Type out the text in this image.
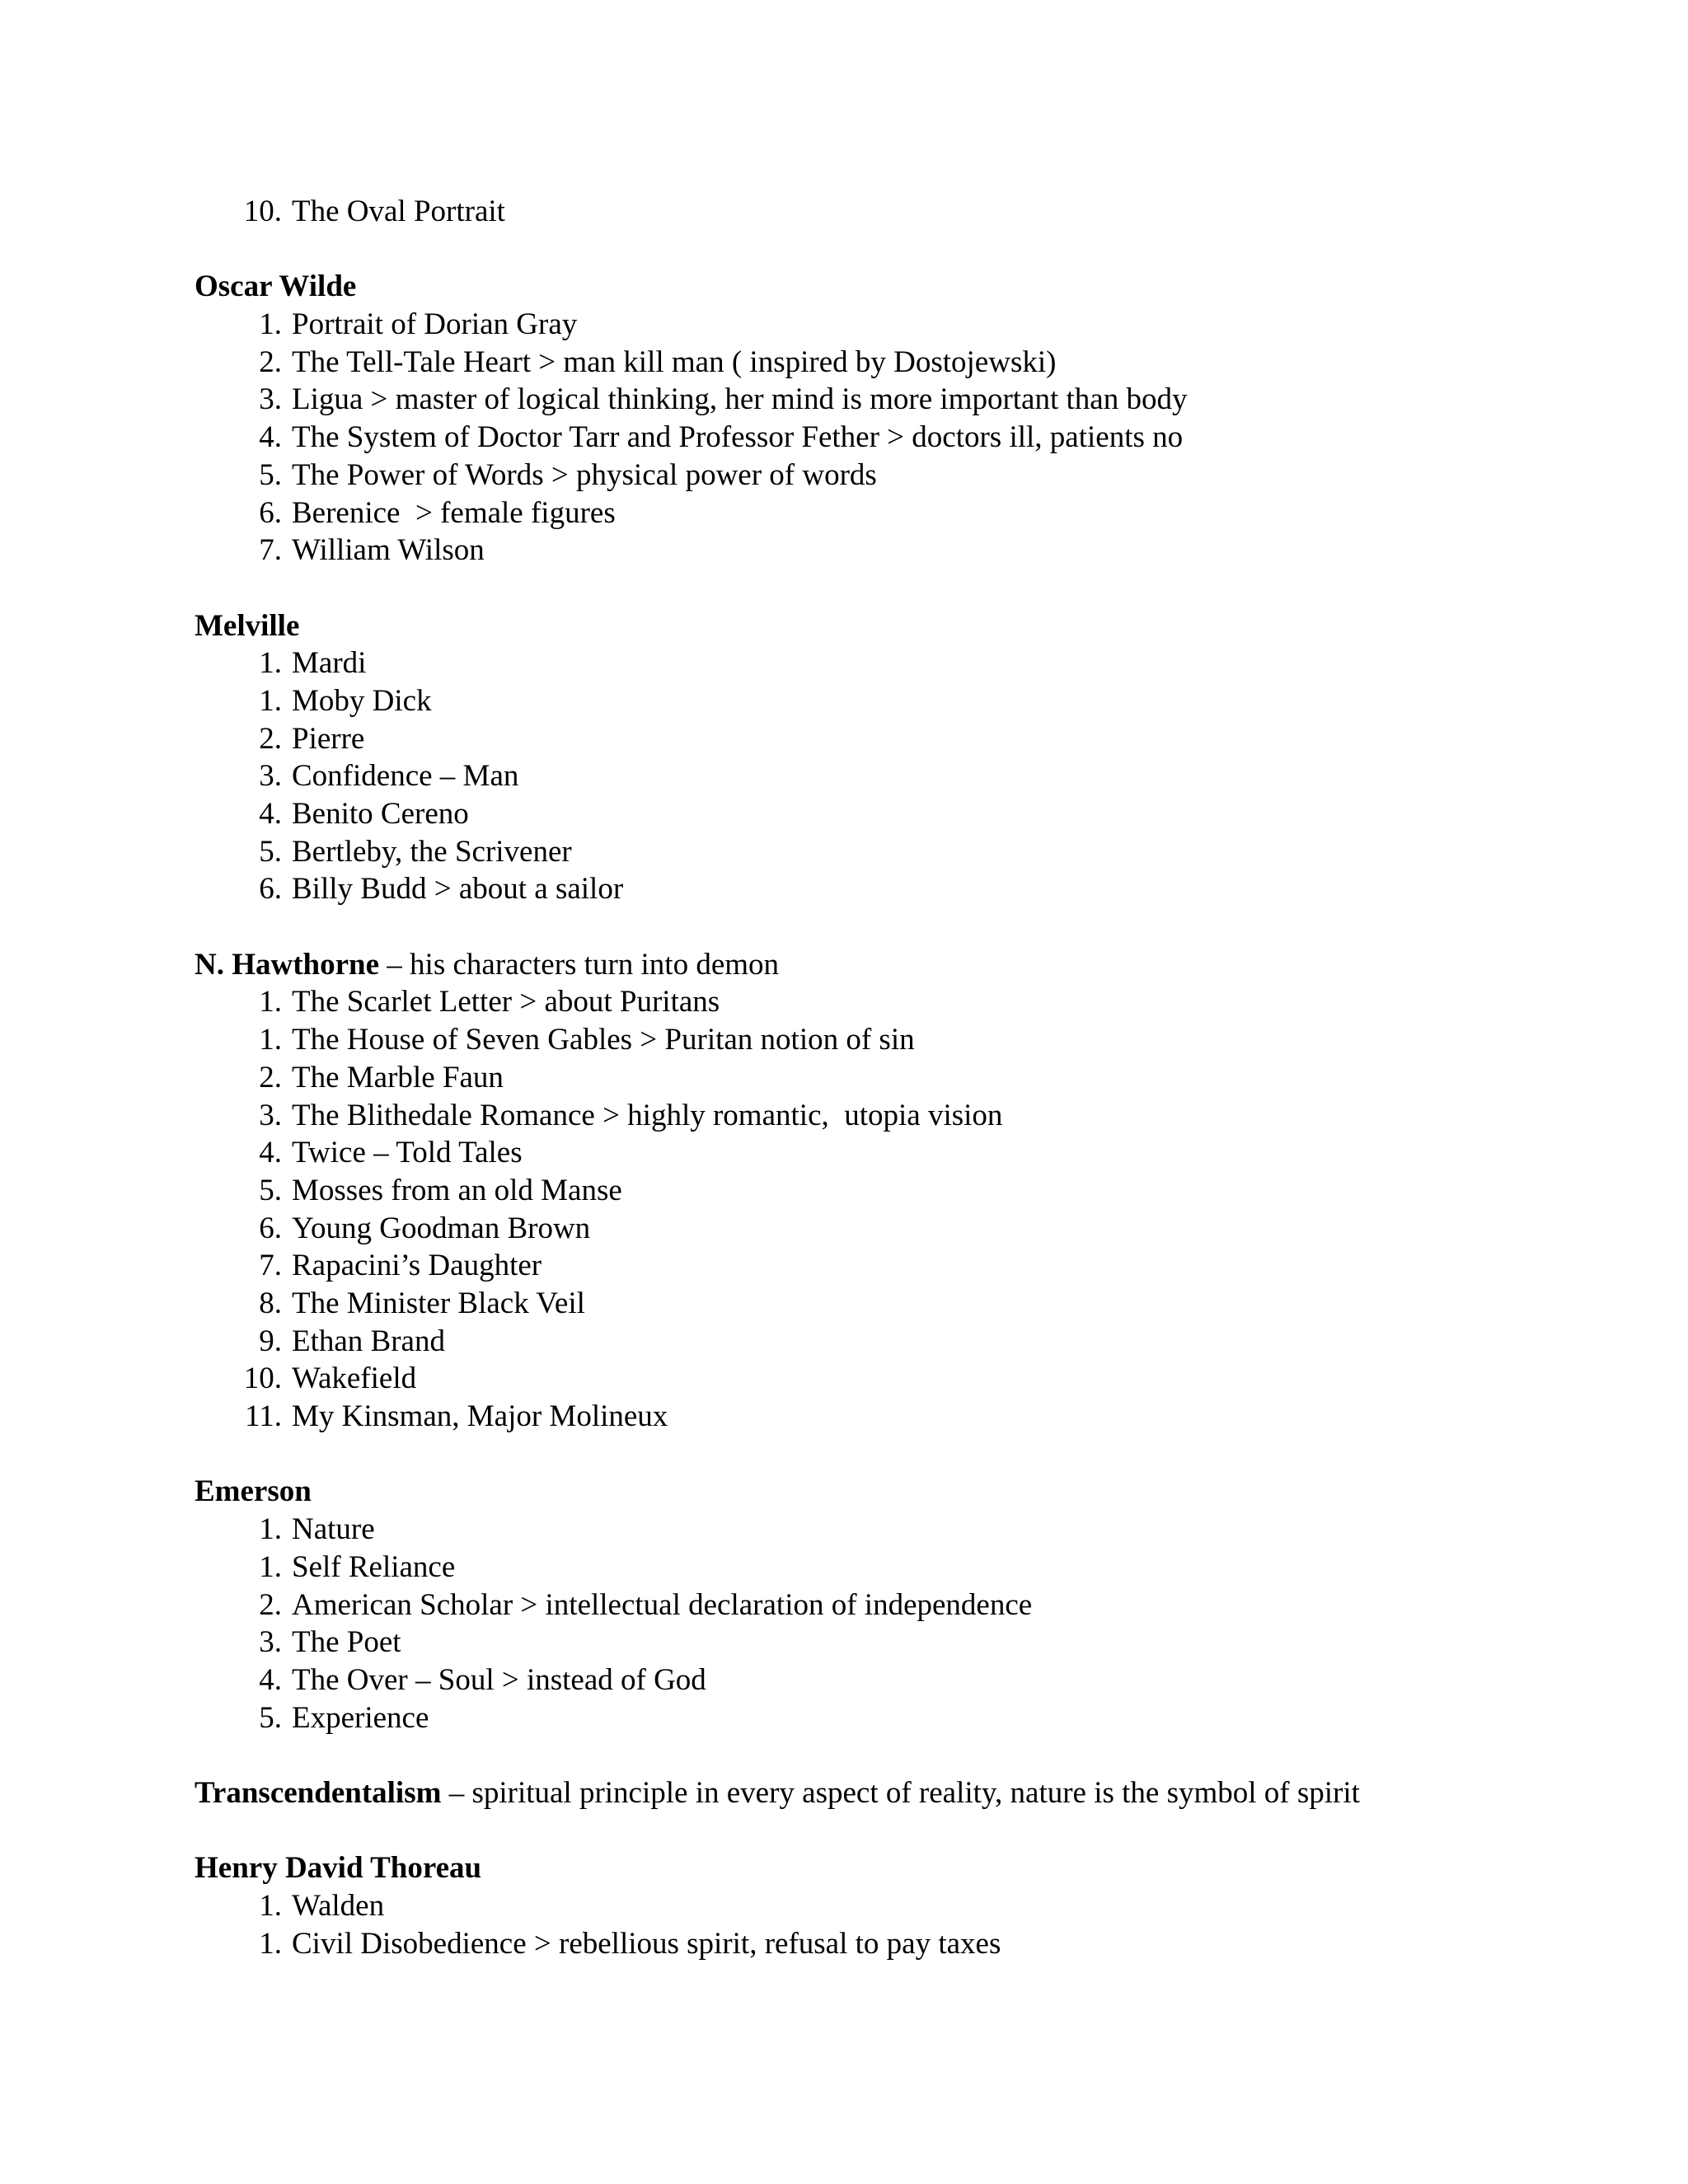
10. The Oval Portrait
Oscar Wilde
1. Portrait of Dorian Gray
2. The Tell-Tale Heart > man kill man ( inspired by Dostojewski)
3. Ligua > master of logical thinking, her mind is more important than body
4. The System of Doctor Tarr and Professor Fether > doctors ill, patients no
5. The Power of Words > physical power of words
6. Berenice  > female figures
7. William Wilson
Melville
1. Mardi
1. Moby Dick
2. Pierre
3. Confidence – Man
4. Benito Cereno
5. Bertleby, the Scrivener
6. Billy Budd > about a sailor
N. Hawthorne – his characters turn into demon
1. The Scarlet Letter > about Puritans
1. The House of Seven Gables > Puritan notion of sin
2. The Marble Faun
3. The Blithedale Romance > highly romantic,  utopia vision
4. Twice – Told Tales
5. Mosses from an old Manse
6. Young Goodman Brown
7. Rapacini’s Daughter
8. The Minister Black Veil
9. Ethan Brand
10. Wakefield
11. My Kinsman, Major Molineux
Emerson
1. Nature
1. Self Reliance
2. American Scholar > intellectual declaration of independence
3. The Poet
4. The Over – Soul > instead of God
5. Experience
Transcendentalism – spiritual principle in every aspect of reality, nature is the symbol of spirit
Henry David Thoreau
1. Walden
1. Civil Disobedience > rebellious spirit, refusal to pay taxes
